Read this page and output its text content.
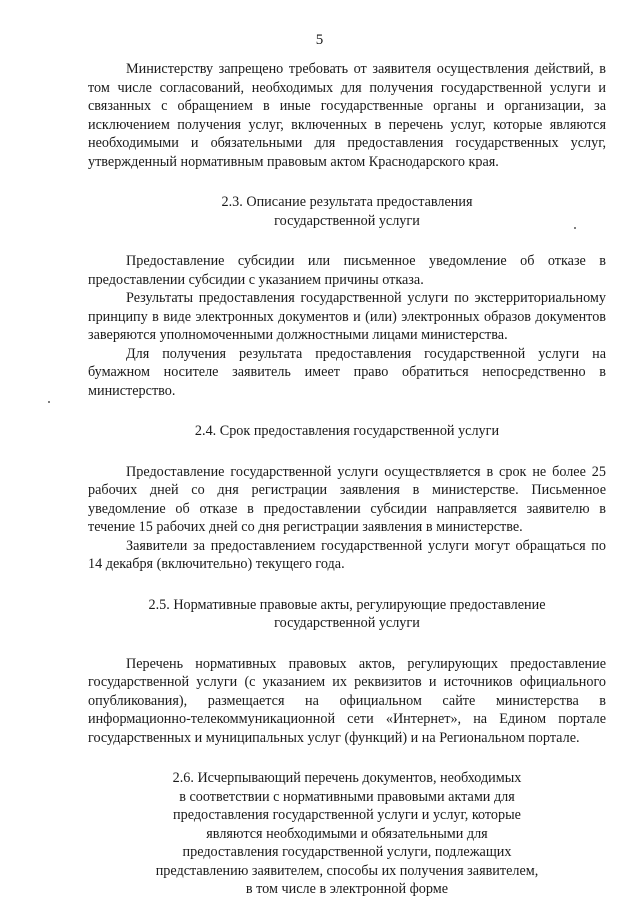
5

Министерству запрещено требовать от заявителя осуществления действий, в том числе согласований, необходимых для получения государственной услуги и связанных с обращением в иные государственные органы и организации, за исключением получения услуг, включенных в перечень услуг, которые являются необходимыми и обязательными для предоставления государственных услуг, утвержденный нормативным правовым актом Краснодарского края.

2.3. Описание результата предоставления
государственной услуги

Предоставление субсидии или письменное уведомление об отказе в предоставлении субсидии с указанием причины отказа.

Результаты предоставления государственной услуги по экстерриториальному принципу в виде электронных документов и (или) электронных образов документов заверяются уполномоченными должностными лицами министерства.

Для получения результата предоставления государственной услуги на бумажном носителе заявитель имеет право обратиться непосредственно в министерство.

2.4. Срок предоставления государственной услуги

Предоставление государственной услуги осуществляется в срок не более 25 рабочих дней со дня регистрации заявления в министерстве. Письменное уведомление об отказе в предоставлении субсидии направляется заявителю в течение 15 рабочих дней со дня регистрации заявления в министерстве.

Заявители за предоставлением государственной услуги могут обращаться по 14 декабря (включительно) текущего года.

2.5. Нормативные правовые акты, регулирующие предоставление
государственной услуги

Перечень нормативных правовых актов, регулирующих предоставление государственной услуги (с указанием их реквизитов и источников официального опубликования), размещается на официальном сайте министерства в информационно-телекоммуникационной сети «Интернет», на Едином портале государственных и муниципальных услуг (функций) и на Региональном портале.

2.6. Исчерпывающий перечень документов, необходимых
в соответствии с нормативными правовыми актами для
предоставления государственной услуги и услуг, которые
являются необходимыми и обязательными для
предоставления государственной услуги, подлежащих
представлению заявителем, способы их получения заявителем,
в том числе в электронной форме
